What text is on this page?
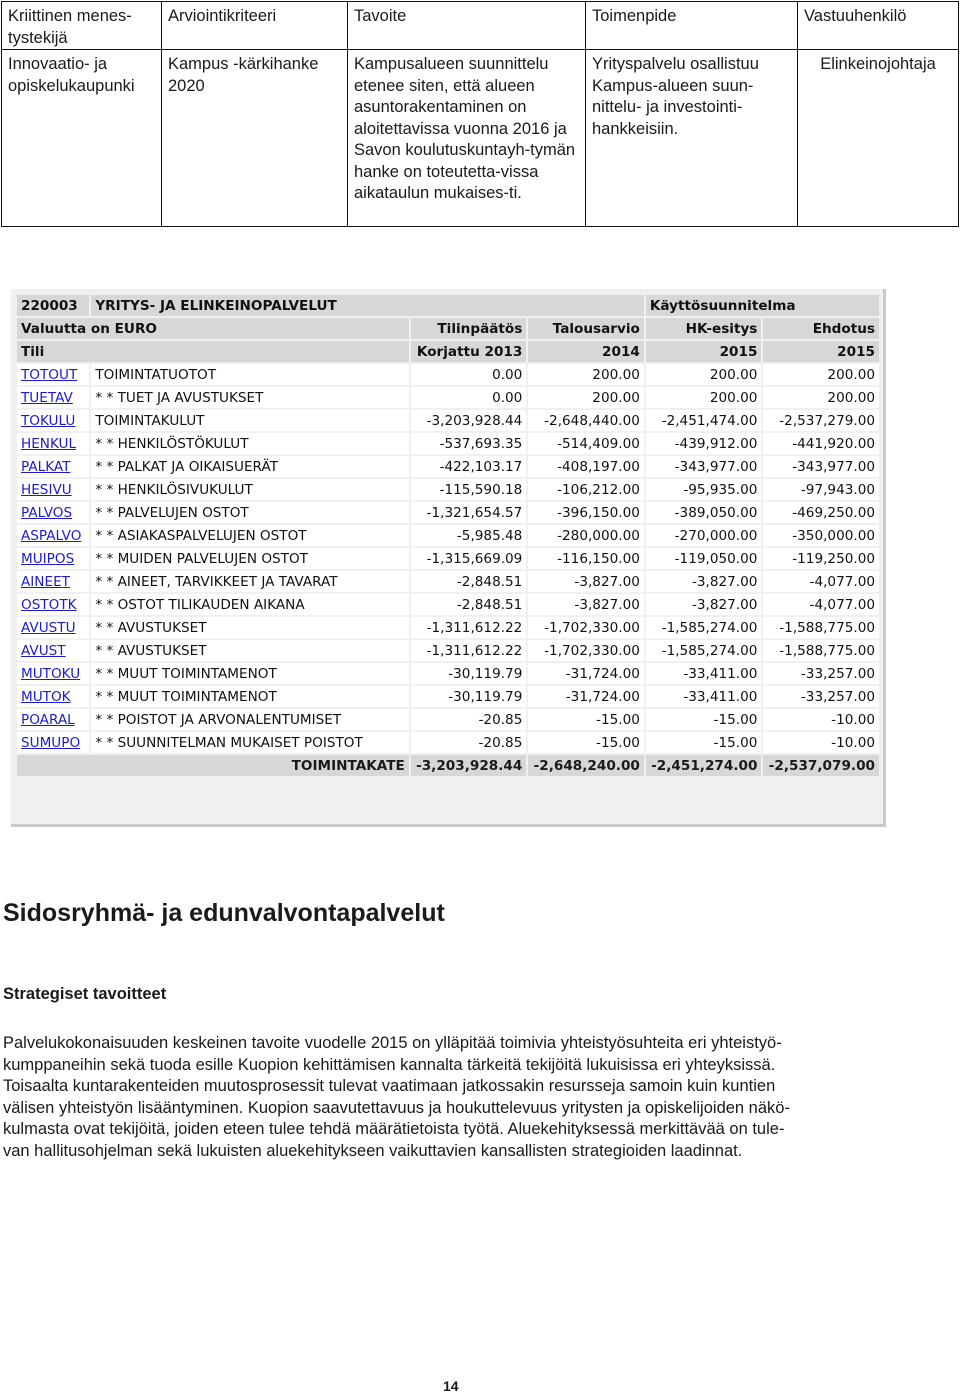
Kriittinen menes-tystekijä	Arviointikriteeri	Tavoite	Toimenpide	Vastuuhenkilö
Innovaatio- ja opiskelukaupunki	Kampus -kärkihanke 2020	Kampusalueen suunnittelu etenee siten, että alueen asuntorakentaminen on aloitettavissa vuonna 2016 ja Savon koulutuskuntayh-tymän hanke on toteutetta-vissa aikataulun mukaises-ti.	Yrityspalvelu osallistuu Kampus-alueen suun-nittelu- ja investointi-hankkeisiin.	Elinkeinojohtaja
220003	YRITYS- JA ELINKEINOPALVELUT			Käyttösuunnitelma	
Valuutta on EURO		Tilinpäätös	Talousarvio	HK-esitys	Ehdotus
Tili		Korjattu 2013	2014	2015	2015
TOTOUT	TOIMINTATUOTOT	0.00	200.00	200.00	200.00
TUETAV	* * TUET JA AVUSTUKSET	0.00	200.00	200.00	200.00
TOKULU	TOIMINTAKULUT	-3,203,928.44	-2,648,440.00	-2,451,474.00	-2,537,279.00
HENKUL	* * HENKILÖSTÖKULUT	-537,693.35	-514,409.00	-439,912.00	-441,920.00
PALKAT	* * PALKAT JA OIKAISUERÄT	-422,103.17	-408,197.00	-343,977.00	-343,977.00
HESIVU	* * HENKILÖSIVUKULUT	-115,590.18	-106,212.00	-95,935.00	-97,943.00
PALVOS	* * PALVELUJEN OSTOT	-1,321,654.57	-396,150.00	-389,050.00	-469,250.00
ASPALVO	* * ASIAKASPALVELUJEN OSTOT	-5,985.48	-280,000.00	-270,000.00	-350,000.00
MUIPOS	* * MUIDEN PALVELUJEN OSTOT	-1,315,669.09	-116,150.00	-119,050.00	-119,250.00
AINEET	* * AINEET, TARVIKKEET JA TAVARAT	-2,848.51	-3,827.00	-3,827.00	-4,077.00
OSTOTK	* * OSTOT TILIKAUDEN AIKANA	-2,848.51	-3,827.00	-3,827.00	-4,077.00
AVUSTU	* * AVUSTUKSET	-1,311,612.22	-1,702,330.00	-1,585,274.00	-1,588,775.00
AVUST	* * AVUSTUKSET	-1,311,612.22	-1,702,330.00	-1,585,274.00	-1,588,775.00
MUTOKU	* * MUUT TOIMINTAMENOT	-30,119.79	-31,724.00	-33,411.00	-33,257.00
MUTOK	* * MUUT TOIMINTAMENOT	-30,119.79	-31,724.00	-33,411.00	-33,257.00
POARAL	* * POISTOT JA ARVONALENTUMISET	-20.85	-15.00	-15.00	-10.00
SUMUPO	* * SUUNNITELMAN MUKAISET POISTOT	-20.85	-15.00	-15.00	-10.00
TOIMINTAKATE		-3,203,928.44	-2,648,240.00	-2,451,274.00	-2,537,079.00
Sidosryhmä- ja edunvalvontapalvelut
Strategiset tavoitteet

Palvelukokonaisuuden keskeinen tavoite vuodelle 2015 on ylläpitää toimivia yhteistyösuhteita eri yhteistyö-
kumppaneihin sekä tuoda esille Kuopion kehittämisen kannalta tärkeitä tekijöitä lukuisissa eri yhteyksissä.
Toisaalta kuntarakenteiden muutosprosessit tulevat vaatimaan jatkossakin resursseja samoin kuin kuntien
välisen yhteistyön lisääntyminen. Kuopion saavutettavuus ja houkuttelevuus yritysten ja opiskelijoiden näkö-
kulmasta ovat tekijöitä, joiden eteen tulee tehdä määrätietoista työtä. Aluekehityksessä merkittävää on tule-
van hallitusohjelman sekä lukuisten aluekehitykseen vaikuttavien kansallisten strategioiden laadinnat.

14
